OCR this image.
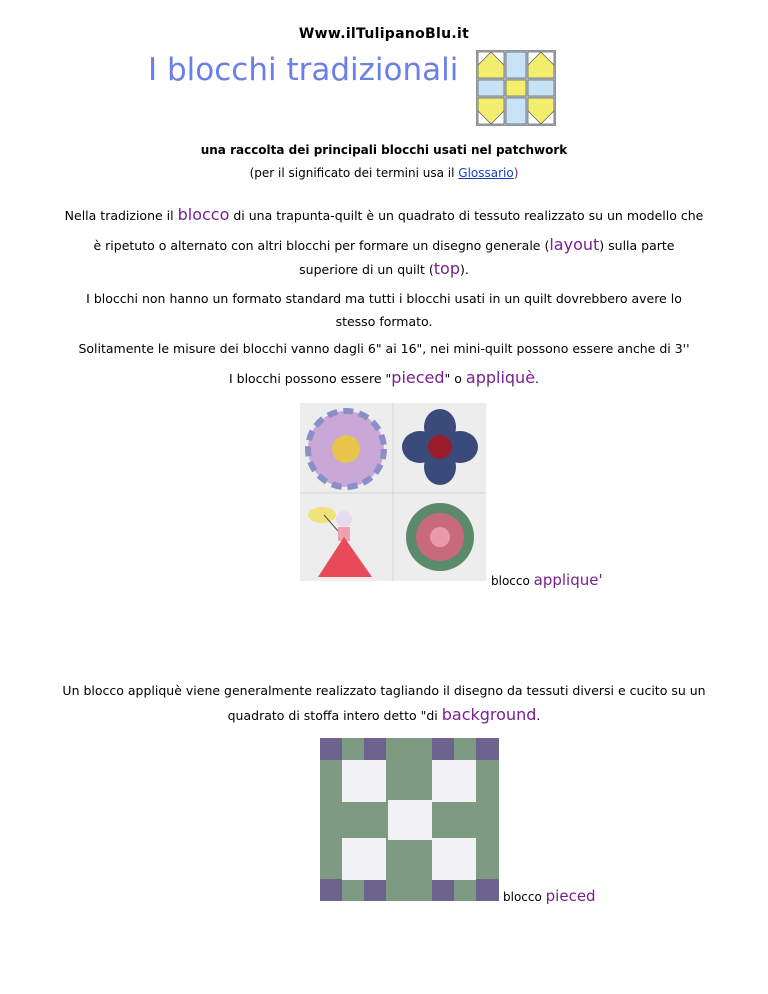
Www.ilTulipanoBlu.it
I blocchi tradizionali
una raccolta dei principali blocchi usati nel patchwork
(per il significato dei termini usa il Glossario)
Nella tradizione il blocco di una trapunta-quilt è un quadrato di tessuto realizzato su un modello che
è ripetuto o alternato con altri blocchi per formare un disegno generale (layout) sulla parte
superiore di un quilt (top).
I blocchi non hanno un formato standard ma tutti i blocchi usati in un quilt dovrebbero avere lo
stesso formato.
Solitamente le misure dei blocchi vanno dagli 6" ai 16", nei mini-quilt possono essere anche di 3''
I blocchi possono essere "pieced" o appliquè.
blocco applique'
Un blocco appliquè viene generalmente realizzato tagliando il disegno da tessuti diversi e cucito su un
quadrato di stoffa intero detto "di background.
blocco pieced
